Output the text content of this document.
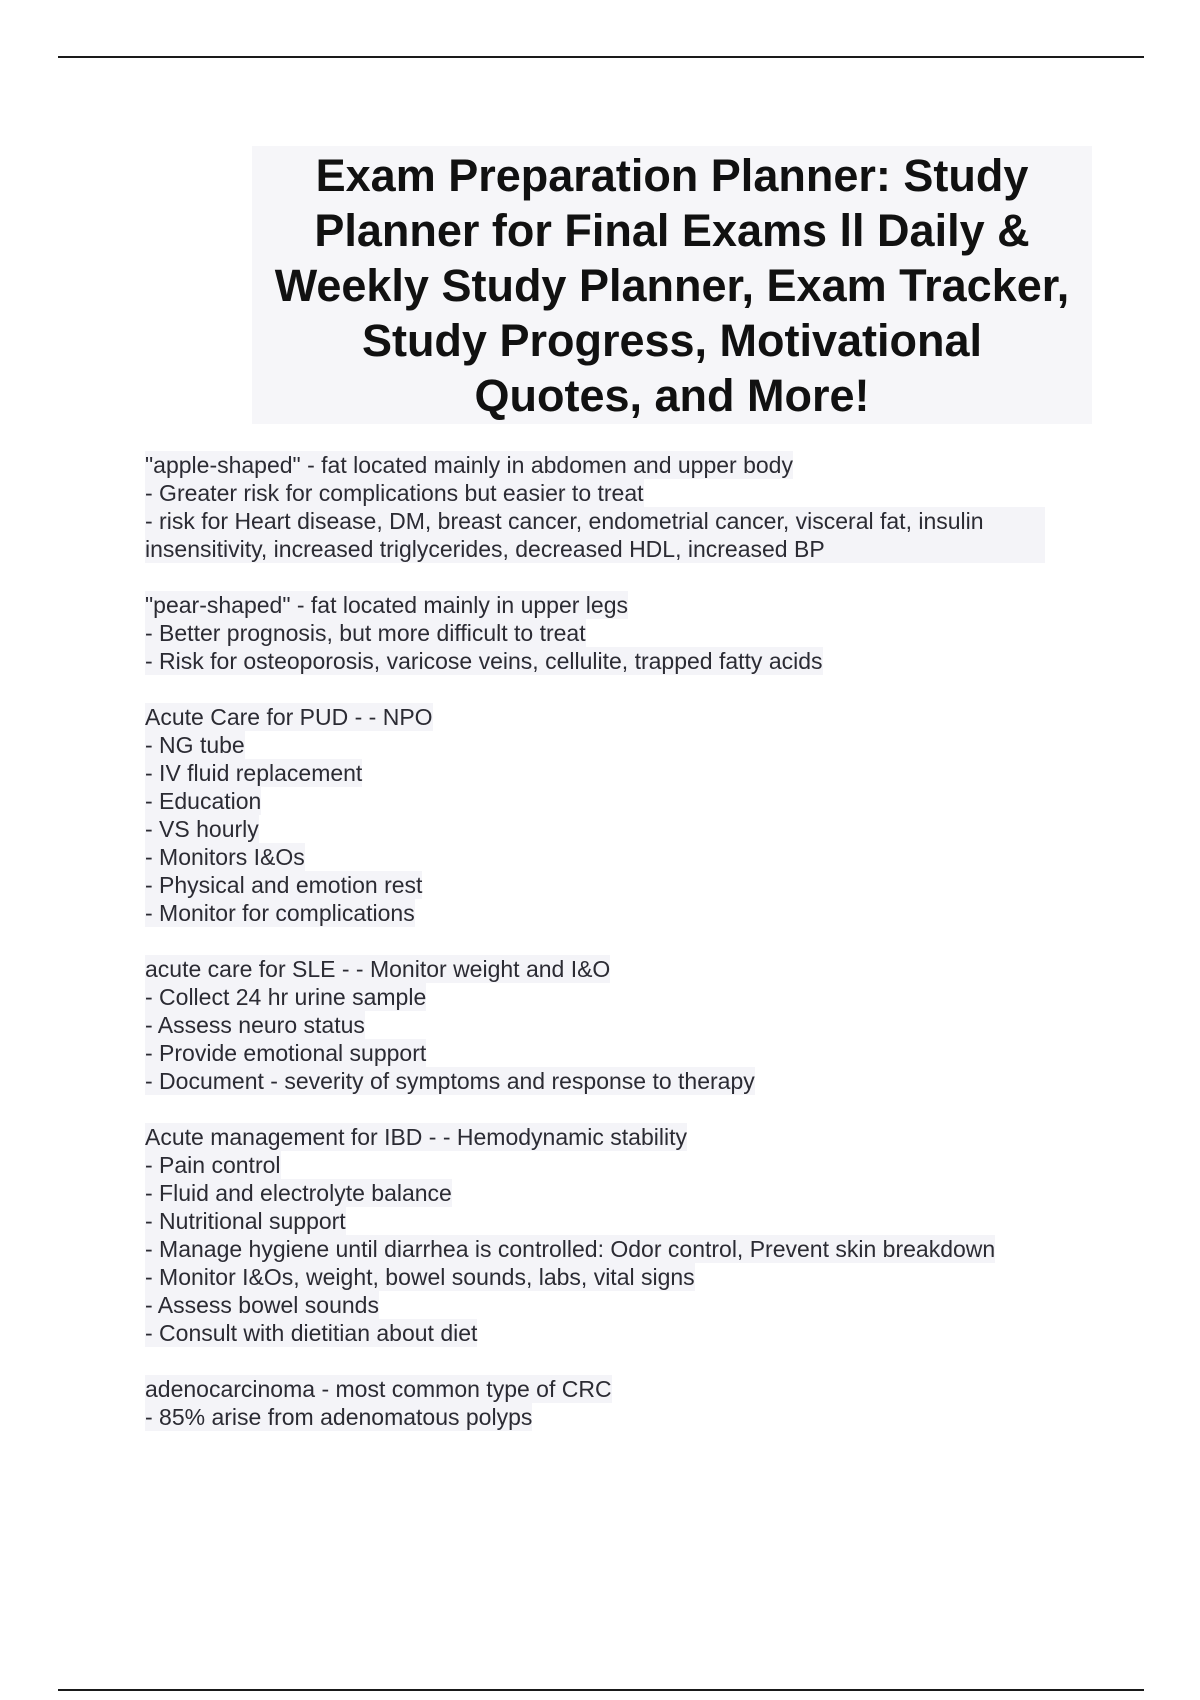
Exam Preparation Planner: Study Planner for Final Exams ll Daily & Weekly Study Planner, Exam Tracker, Study Progress, Motivational Quotes, and More!
"apple-shaped" - fat located mainly in abdomen and upper body
- Greater risk for complications but easier to treat
- risk for Heart disease, DM, breast cancer, endometrial cancer, visceral fat, insulin insensitivity, increased triglycerides, decreased HDL, increased BP
"pear-shaped" - fat located mainly in upper legs
- Better prognosis, but more difficult to treat
- Risk for osteoporosis, varicose veins, cellulite, trapped fatty acids
Acute Care for PUD - - NPO
- NG tube
- IV fluid replacement
- Education
- VS hourly
- Monitors I&Os
- Physical and emotion rest
- Monitor for complications
acute care for SLE - - Monitor weight and I&O
- Collect 24 hr urine sample
- Assess neuro status
- Provide emotional support
- Document - severity of symptoms and response to therapy
Acute management for IBD - - Hemodynamic stability
- Pain control
- Fluid and electrolyte balance
- Nutritional support
- Manage hygiene until diarrhea is controlled: Odor control, Prevent skin breakdown
- Monitor I&Os, weight, bowel sounds, labs, vital signs
- Assess bowel sounds
- Consult with dietitian about diet
adenocarcinoma - most common type of CRC
- 85% arise from adenomatous polyps
